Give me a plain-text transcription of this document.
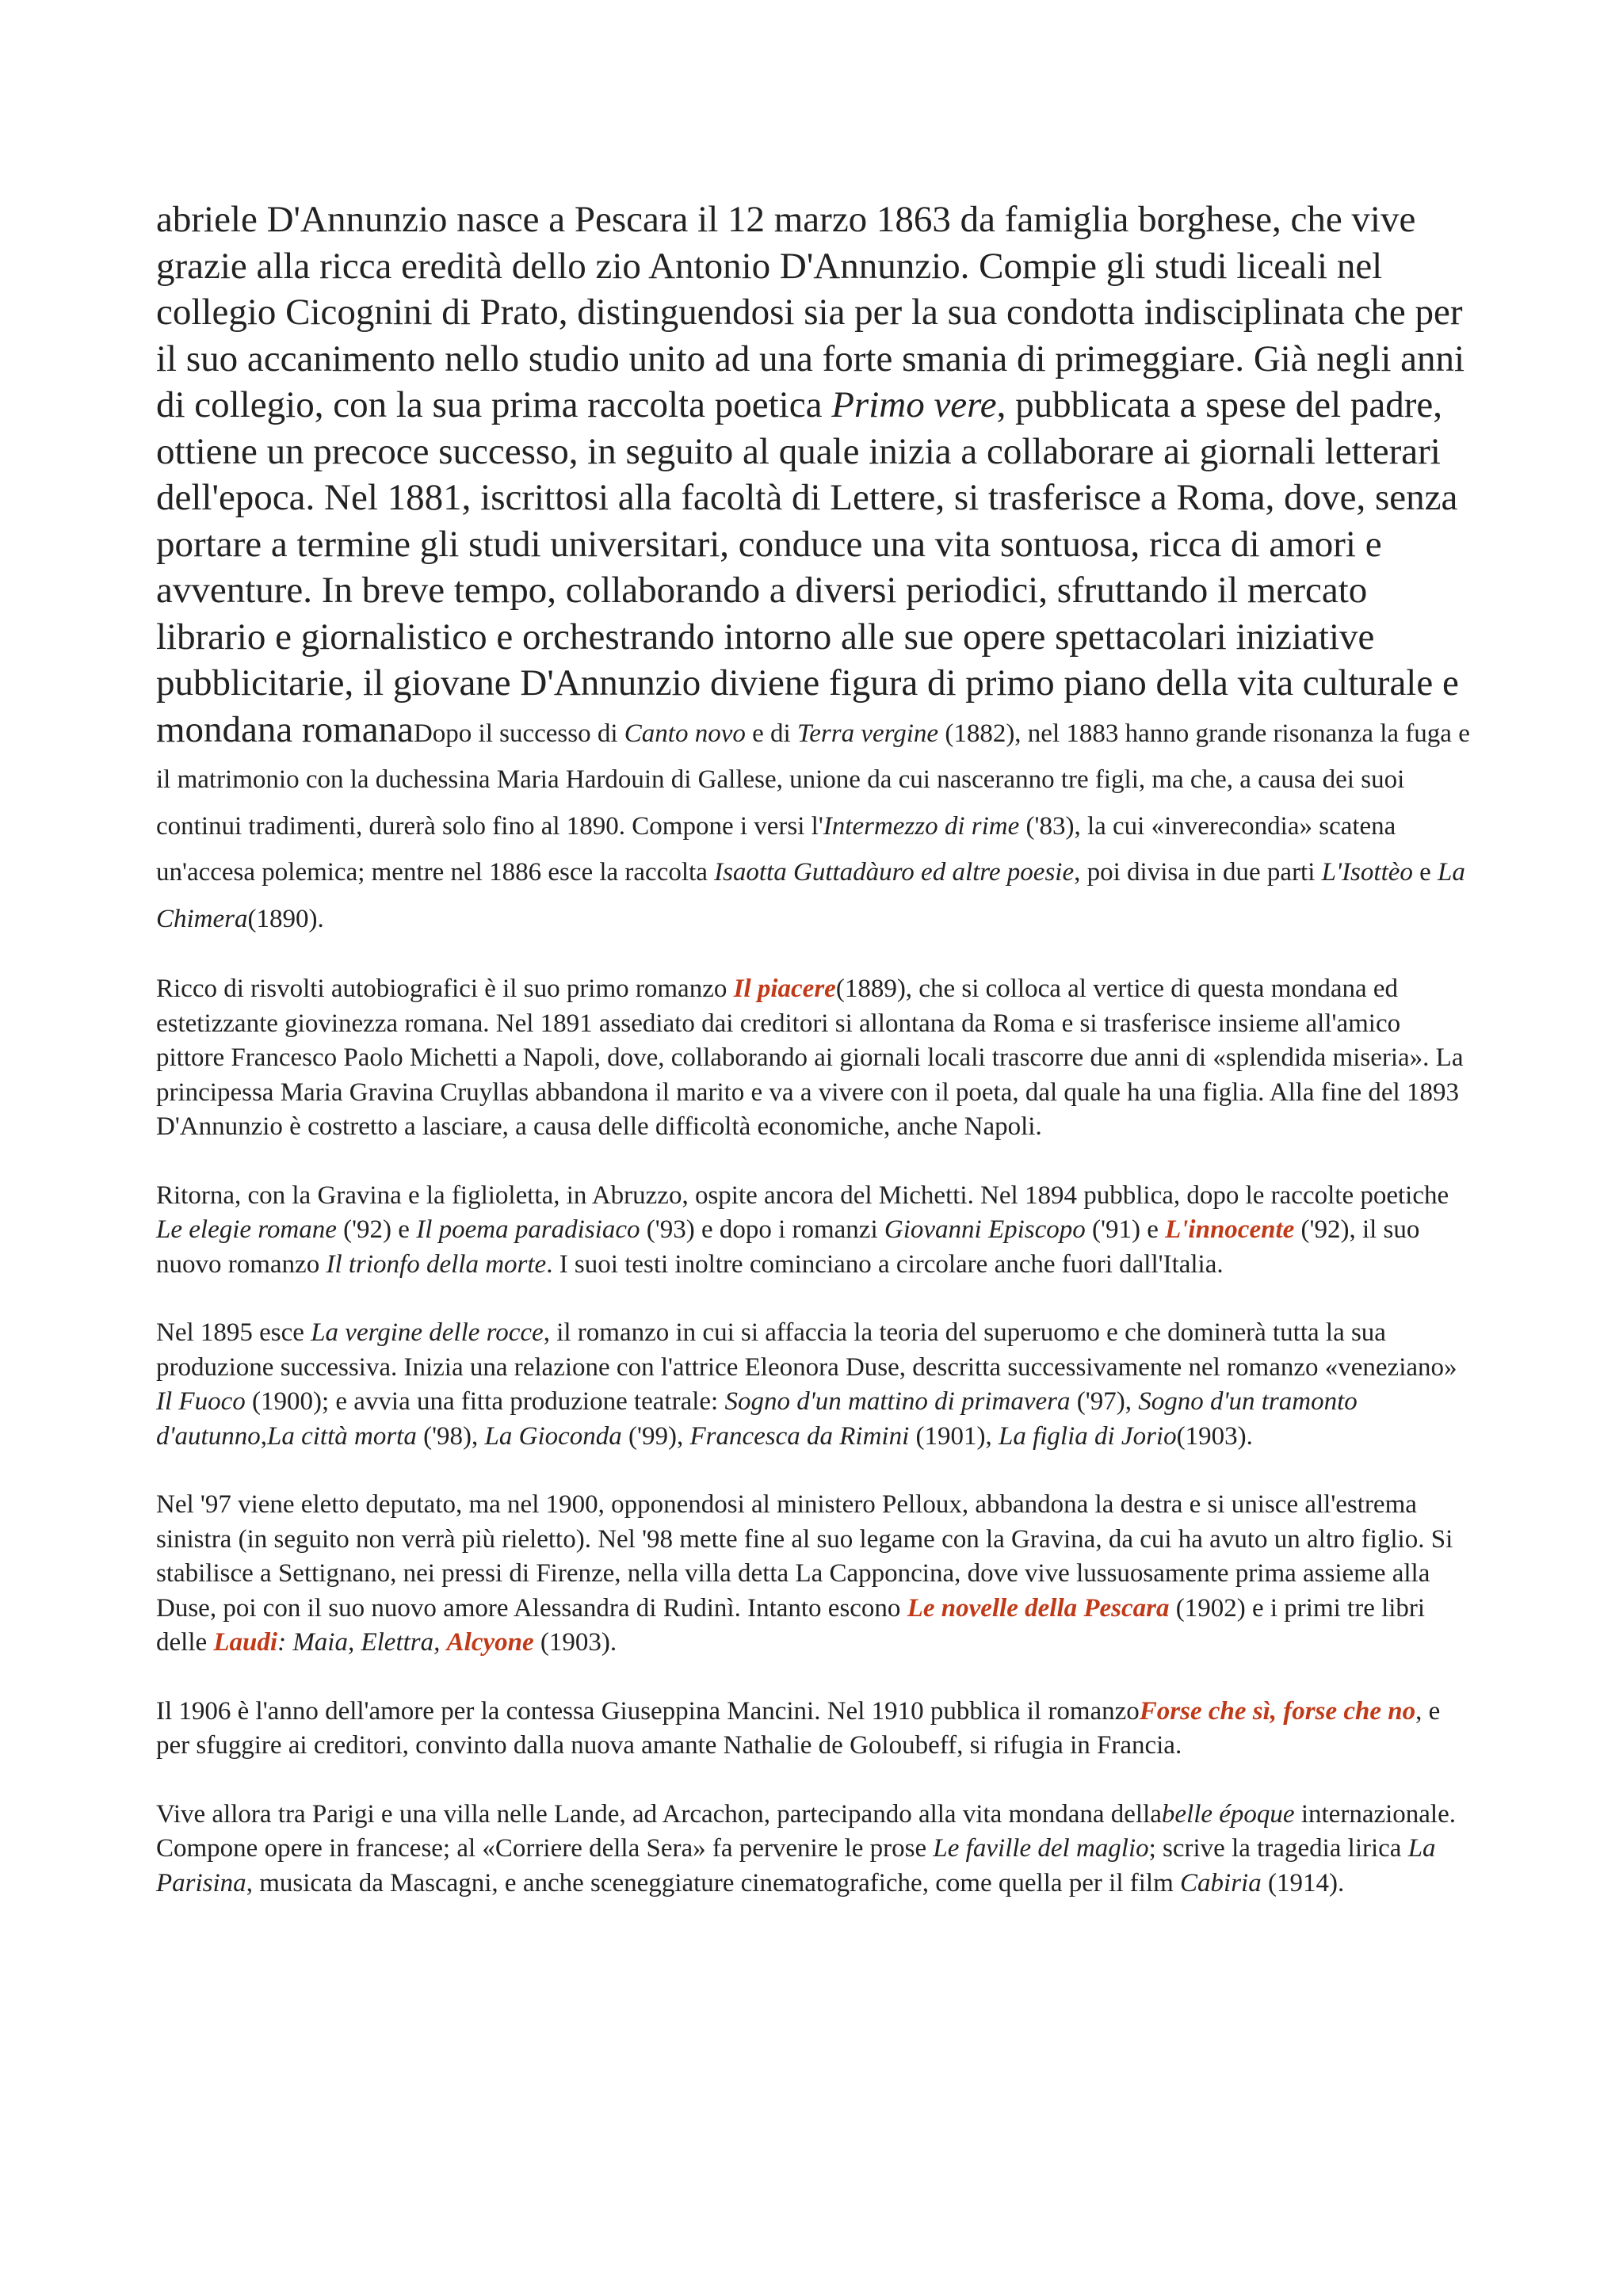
abriele D'Annunzio nasce a Pescara il 12 marzo 1863 da famiglia borghese, che vive grazie alla ricca eredità dello zio Antonio D'Annunzio. Compie gli studi liceali nel collegio Cicognini di Prato, distinguendosi sia per la sua condotta indisciplinata che per il suo accanimento nello studio unito ad una forte smania di primeggiare. Già negli anni di collegio, con la sua prima raccolta poetica Primo vere, pubblicata a spese del padre, ottiene un precoce successo, in seguito al quale inizia a collaborare ai giornali letterari dell'epoca. Nel 1881, iscrittosi alla facoltà di Lettere, si trasferisce a Roma, dove, senza portare a termine gli studi universitari, conduce una vita sontuosa, ricca di amori e avventure. In breve tempo, collaborando a diversi periodici, sfruttando il mercato librario e giornalistico e orchestrando intorno alle sue opere spettacolari iniziative pubblicitarie, il giovane D'Annunzio diviene figura di primo piano della vita culturale e mondana romanaDopo il successo di Canto novo e di Terra vergine (1882), nel 1883 hanno grande risonanza la fuga e il matrimonio con la duchessina Maria Hardouin di Gallese, unione da cui nasceranno tre figli, ma che, a causa dei suoi continui tradimenti, durerà solo fino al 1890. Compone i versi l'Intermezzo di rime ('83), la cui «inverecondia» scatena un'accesa polemica; mentre nel 1886 esce la raccolta Isaotta Guttadàuro ed altre poesie, poi divisa in due parti L'Isottèo e La Chimera(1890).

Ricco di risvolti autobiografici è il suo primo romanzo Il piacere(1889), che si colloca al vertice di questa mondana ed estetizzante giovinezza romana. Nel 1891 assediato dai creditori si allontana da Roma e si trasferisce insieme all'amico pittore Francesco Paolo Michetti a Napoli, dove, collaborando ai giornali locali trascorre due anni di «splendida miseria». La principessa Maria Gravina Cruyllas abbandona il marito e va a vivere con il poeta, dal quale ha una figlia. Alla fine del 1893 D'Annunzio è costretto a lasciare, a causa delle difficoltà economiche, anche Napoli.

Ritorna, con la Gravina e la figlioletta, in Abruzzo, ospite ancora del Michetti. Nel 1894 pubblica, dopo le raccolte poetiche Le elegie romane ('92) e Il poema paradisiaco ('93) e dopo i romanzi Giovanni Episcopo ('91) e L'innocente ('92), il suo nuovo romanzo Il trionfo della morte. I suoi testi inoltre cominciano a circolare anche fuori dall'Italia.

Nel 1895 esce La vergine delle rocce, il romanzo in cui si affaccia la teoria del superuomo e che dominerà tutta la sua produzione successiva. Inizia una relazione con l'attrice Eleonora Duse, descritta successivamente nel romanzo «veneziano» Il Fuoco (1900); e avvia una fitta produzione teatrale: Sogno d'un mattino di primavera ('97), Sogno d'un tramonto d'autunno,La città morta ('98), La Gioconda ('99), Francesca da Rimini (1901), La figlia di Jorio(1903).

Nel '97 viene eletto deputato, ma nel 1900, opponendosi al ministero Pelloux, abbandona la destra e si unisce all'estrema sinistra (in seguito non verrà più rieletto). Nel '98 mette fine al suo legame con la Gravina, da cui ha avuto un altro figlio. Si stabilisce a Settignano, nei pressi di Firenze, nella villa detta La Capponcina, dove vive lussuosamente prima assieme alla Duse, poi con il suo nuovo amore Alessandra di Rudinì. Intanto escono Le novelle della Pescara (1902) e i primi tre libri delle Laudi: Maia, Elettra, Alcyone (1903).

Il 1906 è l'anno dell'amore per la contessa Giuseppina Mancini. Nel 1910 pubblica il romanzoForse che sì, forse che no, e per sfuggire ai creditori, convinto dalla nuova amante Nathalie de Goloubeff, si rifugia in Francia.

Vive allora tra Parigi e una villa nelle Lande, ad Arcachon, partecipando alla vita mondana dellabelle époque internazionale. Compone opere in francese; al «Corriere della Sera» fa pervenire le prose Le faville del maglio; scrive la tragedia lirica La Parisina, musicata da Mascagni, e anche sceneggiature cinematografiche, come quella per il film Cabiria (1914).
